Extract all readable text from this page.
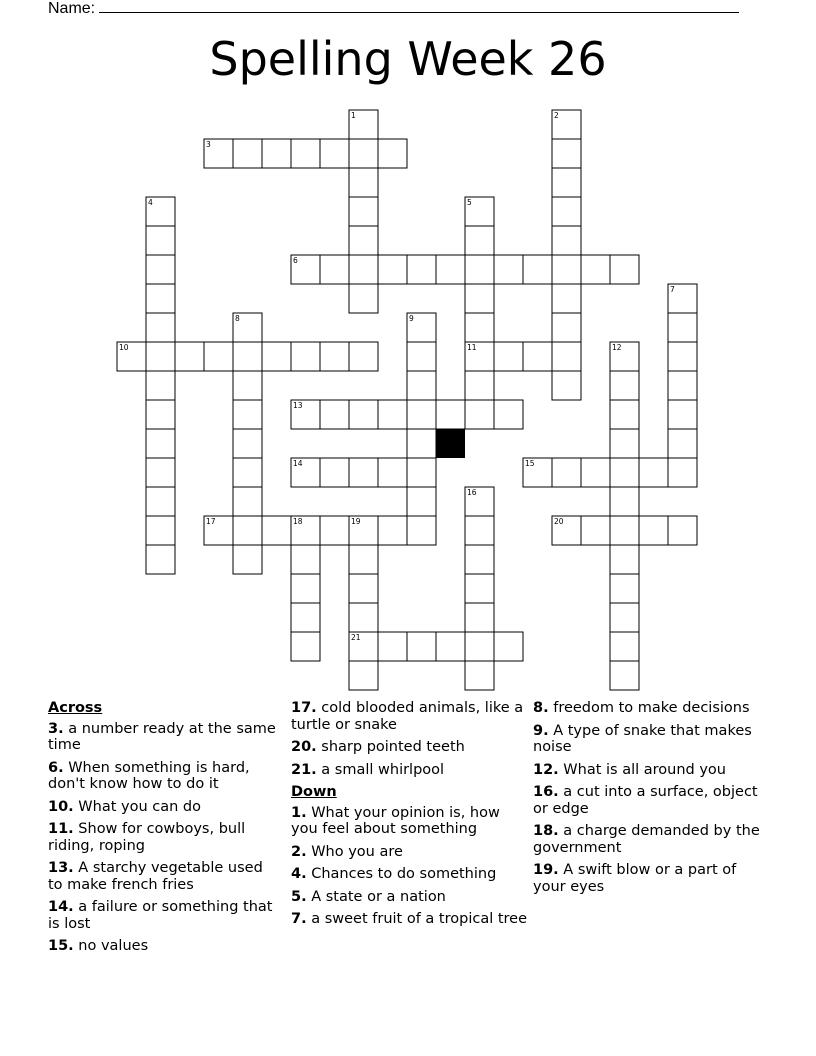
Name:
Spelling Week 26
1	2
3
4	5
6
7
8	9
10	11	12
13
14	15
16
17	18	19	20
21
Across
3. a number ready at the same time
6. When something is hard, don't know how to do it
10. What you can do
11. Show for cowboys, bull riding, roping
13. A starchy vegetable used to make french fries
14. a failure or something that is lost
15. no values
17. cold blooded animals, like a turtle or snake
20. sharp pointed teeth
21. a small whirlpool
Down
1. What your opinion is, how you feel about something
2. Who you are
4. Chances to do something
5. A state or a nation
7. a sweet fruit of a tropical tree
8. freedom to make decisions
9. A type of snake that makes noise
12. What is all around you
16. a cut into a surface, object or edge
18. a charge demanded by the government
19. A swift blow or a part of your eyes
